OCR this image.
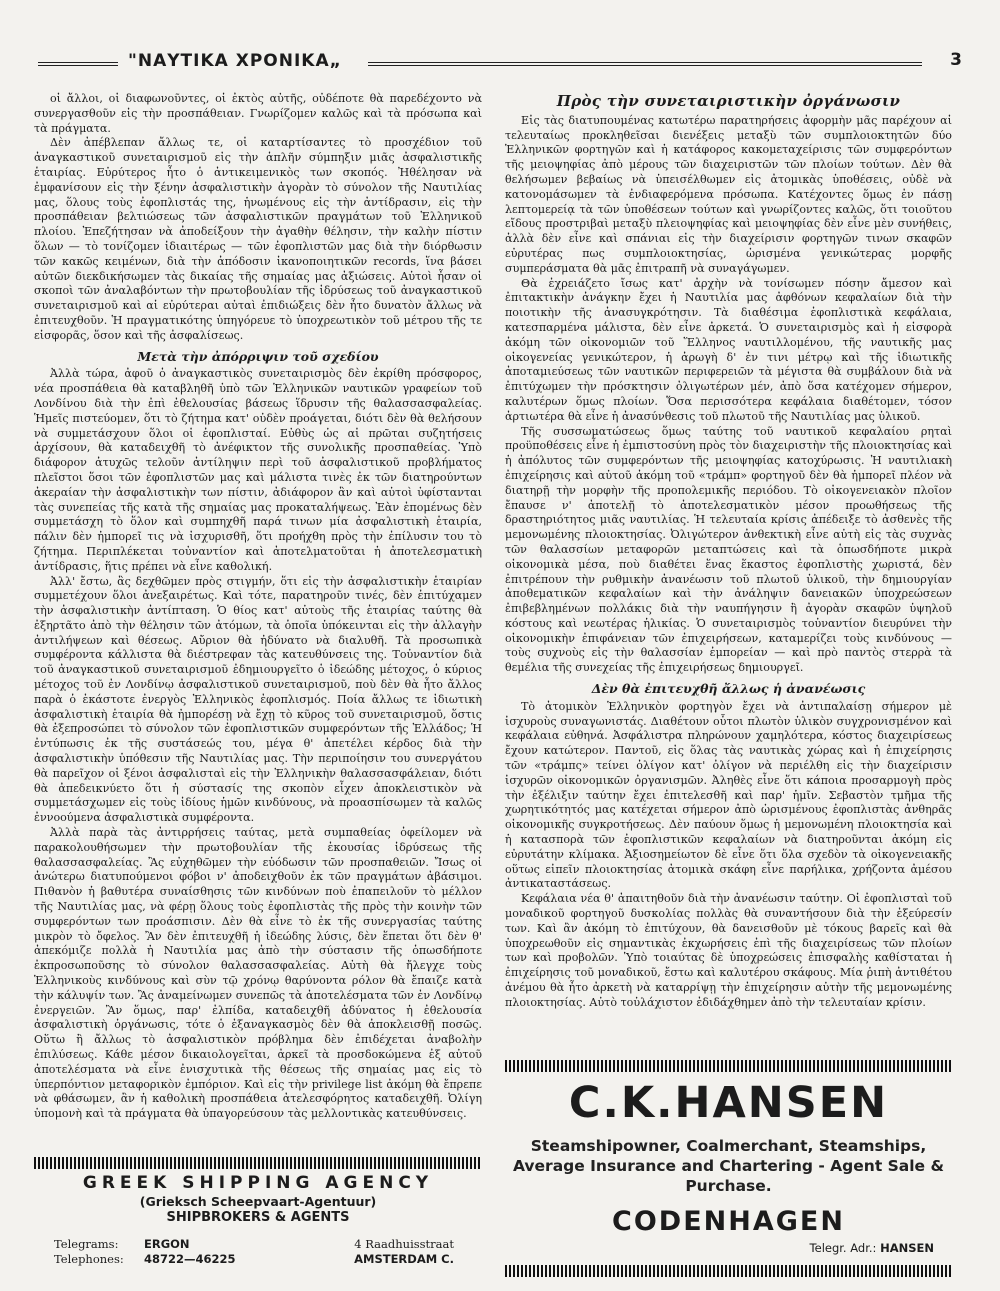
"ΝΑΥΤΙΚΑ ΧΡΟΝΙΚΑ„	3

οἱ ἄλλοι, οἱ διαφωνοῦντες, οἱ ἐκτὸς αὐτῆς, οὐδέποτε θὰ παρεδέχοντο νὰ συνεργασθοῦν εἰς τὴν προσπάθειαν. Γνωρίζομεν καλῶς καὶ τὰ πρόσωπα καὶ τὰ πράγματα.

Δὲν ἀπέβλεπαν ἄλλως τε, οἱ καταρτίσαντες τὸ προσχέδιον τοῦ ἀναγκαστικοῦ συνεταιρισμοῦ εἰς τὴν ἁπλῆν σύμπηξιν μιᾶς ἀσφαλιστικῆς ἑταιρίας. Εὐρύτερος ἦτο ὁ ἀντικειμενικὸς των σκοπός. Ἠθέλησαν νὰ ἐμφανίσουν εἰς τὴν ξένην ἀσφαλιστικὴν ἀγορὰν τὸ σύνολον τῆς Ναυτιλίας μας, ὅλους τοὺς ἐφοπλιστάς της, ἡνωμένους εἰς τὴν ἀντίδρασιν, εἰς τὴν προσπάθειαν βελτιώσεως τῶν ἀσφαλιστικῶν πραγμάτων τοῦ Ἑλληνικοῦ πλοίου. Ἐπεζήτησαν νὰ ἀποδείξουν τὴν ἀγαθὴν θέλησιν, τὴν καλὴν πίστιν ὅλων — τὸ τονίζομεν ἰδιαιτέρως — τῶν ἐφοπλιστῶν μας διὰ τὴν διόρθωσιν τῶν κακῶς κειμένων, διὰ τὴν ἀπόδοσιν ἱκανοποιητικῶν records, ἵνα βάσει αὐτῶν διεκδικήσωμεν τὰς δικαίας τῆς σημαίας μας ἀξιώσεις. Αὐτοὶ ἦσαν οἱ σκοποὶ τῶν ἀναλαβόντων τὴν πρωτοβουλίαν τῆς ἱδρύσεως τοῦ ἀναγκαστικοῦ συνεταιρισμοῦ καὶ αἱ εὐρύτεραι αὐταὶ ἐπιδιώξεις δὲν ἦτο δυνατὸν ἄλλως νὰ ἐπιτευχθοῦν. Ἡ πραγματικότης ὑπηγόρευε τὸ ὑποχρεωτικὸν τοῦ μέτρου τῆς τε εἰσφορᾶς, ὅσον καὶ τῆς ἀσφαλίσεως.

Μετὰ τὴν ἀπόρριψιν τοῦ σχεδίου

Ἀλλὰ τώρα, ἀφοῦ ὁ ἀναγκαστικὸς συνεταιρισμὸς δὲν ἐκρίθη πρόσφορος, νέα προσπάθεια θὰ καταβληθῆ ὑπὸ τῶν Ἑλληνικῶν ναυτικῶν γραφείων τοῦ Λονδίνου διὰ τὴν ἐπὶ ἐθελουσίας βάσεως ἵδρυσιν τῆς θαλασσασφαλείας. Ἡμεῖς πιστεύομεν, ὅτι τὸ ζήτημα κατ' οὐδὲν προάγεται, διότι δὲν θὰ θελήσουν νὰ συμμετάσχουν ὅλοι οἱ ἐφοπλισταί. Εὐθὺς ὡς αἱ πρῶται συζητήσεις ἀρχίσουν, θὰ καταδειχθῆ τὸ ἀνέφικτον τῆς συνολικῆς προσπαθείας. Ὑπὸ διάφορον ἀτυχῶς τελοῦν ἀντίληψιν περὶ τοῦ ἀσφαλιστικοῦ προβλήματος πλεῖστοι ὅσοι τῶν ἐφοπλιστῶν μας καὶ μάλιστα τινὲς ἐκ τῶν διατηρούντων ἀκεραίαν τὴν ἀσφαλιστικὴν των πίστιν, ἀδιάφορον ἂν καὶ αὐτοὶ ὑφίστανται τὰς συνεπείας τῆς κατὰ τῆς σημαίας μας προκαταλήψεως. Ἐὰν ἑπομένως δὲν συμμετάσχη τὸ ὅλον καὶ συμπηχθῆ παρά τινων μία ἀσφαλιστικὴ ἑταιρία, πάλιν δὲν ἠμπορεῖ τις νὰ ἰσχυρισθῆ, ὅτι προήχθη πρὸς τὴν ἐπίλυσιν του τὸ ζήτημα. Περιπλέκεται τοὐναντίον καὶ ἀποτελματοῦται ἡ ἀποτελεσματικὴ ἀντίδρασις, ἥτις πρέπει νὰ εἶνε καθολική.

Ἀλλ' ἔστω, ἂς δεχθῶμεν πρὸς στιγμήν, ὅτι εἰς τὴν ἀσφαλιστικὴν ἑταιρίαν συμμετέχουν ὅλοι ἀνεξαιρέτως. Καὶ τότε, παρατηροῦν τινές, δὲν ἐπιτύχαμεν τὴν ἀσφαλιστικὴν ἀντίπταση. Ὁ θίος κατ' αὐτοὺς τῆς ἑταιρίας ταύτης θὰ ἐξηρτᾶτο ἀπὸ τὴν θέλησιν τῶν ἀτόμων, τὰ ὁποῖα ὑπόκεινται εἰς τὴν ἀλλαγὴν ἀντιλήψεων καὶ θέσεως. Αὔριον θὰ ἠδύνατο νὰ διαλυθῆ. Τὰ προσωπικὰ συμφέροντα κάλλιστα θὰ διέστρεφαν τὰς κατευθύνσεις της. Τοὐναντίον διὰ τοῦ ἀναγκαστικοῦ συνεταιρισμοῦ ἐδημιουργεῖτο ὁ ἰδεώδης μέτοχος, ὁ κύριος μέτοχος τοῦ ἐν Λονδίνῳ ἀσφαλιστικοῦ συνεταιρισμοῦ, ποὺ δὲν θὰ ἦτο ἄλλος παρὰ ὁ ἑκάστοτε ἐνεργὸς Ἑλληνικὸς ἐφοπλισμός. Ποία ἄλλως τε ἰδιωτικὴ ἀσφαλιστικὴ ἑταιρία θὰ ἠμπορέσῃ νὰ ἔχῃ τὸ κῦρος τοῦ συνεταιρισμοῦ, ὅστις θὰ ἐξεπροσώπει τὸ σύνολον τῶν ἐφοπλιστικῶν συμφερόντων τῆς Ἑλλάδος; Ἡ ἐντύπωσις ἐκ τῆς συστάσεώς του, μέγα θ' ἀπετέλει κέρδος διὰ τὴν ἀσφαλιστικὴν ὑπόθεσιν τῆς Ναυτιλίας μας. Τὴν περιποίησιν του συνεργάτου θὰ παρεῖχον οἱ ξένοι ἀσφαλισταὶ εἰς τὴν Ἑλληνικὴν θαλασσασφάλειαν, διότι θὰ ἀπεδεικνύετο ὅτι ἡ σύστασίς της σκοπὸν εἶχεν ἀποκλειστικὸν νὰ συμμετάσχωμεν εἰς τοὺς ἰδίους ἡμῶν κινδύνους, νὰ προασπίσωμεν τὰ καλῶς ἐννοούμενα ἀσφαλιστικὰ συμφέροντα.

Ἀλλὰ παρὰ τὰς ἀντιρρήσεις ταύτας, μετὰ συμπαθείας ὀφείλομεν νὰ παρακολουθήσωμεν τὴν πρωτοβουλίαν τῆς ἑκουσίας ἱδρύσεως τῆς θαλασσασφαλείας. Ἂς εὐχηθῶμεν τὴν εὐόδωσιν τῶν προσπαθειῶν. Ἴσως οἱ ἀνώτερω διατυπούμενοι φόβοι ν' ἀποδειχθοῦν ἐκ τῶν πραγμάτων ἀβάσιμοι. Πιθανὸν ἡ βαθυτέρα συναίσθησις τῶν κινδύνων ποὺ ἐπαπειλοῦν τὸ μέλλον τῆς Ναυτιλίας μας, νὰ φέρῃ ὅλους τοὺς ἐφοπλιστὰς τῆς πρὸς τὴν κοινὴν τῶν συμφερόντων των προάσπισιν. Δὲν θὰ εἶνε τὸ ἐκ τῆς συνεργασίας ταύτης μικρὸν τὸ ὄφελος. Ἂν δὲν ἐπιτευχθῆ ἡ ἰδεώδης λύσις, δὲν ἕπεται ὅτι δὲν θ' ἀπεκόμιζε πολλὰ ἡ Ναυτιλία μας ἀπὸ τὴν σύστασιν τῆς ὁπωσδήποτε ἐκπροσωποῦσης τὸ σύνολον θαλασσασφαλείας. Αὐτὴ θὰ ἤλεγχε τοὺς Ἑλληνικοὺς κινδύνους καὶ σὺν τῷ χρόνῳ θαρύνοντα ρόλον θὰ ἔπαιζε κατὰ τὴν κάλυψίν των. Ἂς ἀναμείνωμεν συνεπῶς τὰ ἀποτελέσματα τῶν ἐν Λονδίνῳ ἐνεργειῶν. Ἂν ὅμως, παρ' ἐλπίδα, καταδειχθῆ ἀδύνατος ἡ ἐθελουσία ἀσφαλιστικὴ ὀργάνωσις, τότε ὁ ἐξαναγκασμὸς δὲν θὰ ἀποκλεισθῇ ποσῶς. Οὕτω ἢ ἄλλως τὸ ἀσφαλιστικὸν πρόβλημα δὲν ἐπιδέχεται ἀναβολὴν ἐπιλύσεως. Κάθε μέσον δικαιολογεῖται, ἀρκεῖ τὰ προσδοκώμενα ἐξ αὐτοῦ ἀποτελέσματα νὰ εἶνε ἐνισχυτικὰ τῆς θέσεως τῆς σημαίας μας εἰς τὸ ὑπερπόντιον μεταφορικὸν ἐμπόριον. Καὶ εἰς τὴν privilege list ἀκόμη θὰ ἔπρεπε νὰ φθάσωμεν, ἂν ἡ καθολικὴ προσπάθεια ἀτελεσφόρητος καταδειχθῆ. Ὀλίγη ὑπομονὴ καὶ τὰ πράγματα θὰ ὑπαγορεύσουν τὰς μελλοντικὰς κατευθύνσεις.

Πρὸς τὴν συνεταιριστικὴν ὀργάνωσιν

Εἰς τὰς διατυπουμένας κατωτέρω παρατηρήσεις ἀφορμὴν μᾶς παρέχουν αἱ τελευταίως προκληθεῖσαι διενέξεις μεταξὺ τῶν συμπλοιοκτητῶν δύο Ἑλληνικῶν φορτηγῶν καὶ ἡ κατάφορος κακομεταχείρισις τῶν συμφερόντων τῆς μειοψηφίας ἀπὸ μέρους τῶν διαχειριστῶν τῶν πλοίων τούτων. Δὲν θὰ θελήσωμεν βεβαίως νὰ ὑπεισέλθωμεν εἰς ἀτομικὰς ὑποθέσεις, οὐδὲ νὰ κατονομάσωμεν τὰ ἐνδιαφερόμενα πρόσωπα. Κατέχοντες ὅμως ἐν πάσῃ λεπτομερείᾳ τὰ τῶν ὑποθέσεων τούτων καὶ γνωρίζοντες καλῶς, ὅτι τοιοῦτου εἴδους προστριβαὶ μεταξὺ πλειοψηφίας καὶ μειοψηφίας δὲν εἶνε μὲν συνήθεις, ἀλλὰ δὲν εἶνε καὶ σπάνιαι εἰς τὴν διαχείρισιν φορτηγῶν τινων σκαφῶν εὐρυτέρας πως συμπλοιοκτησίας, ὡρισμένα γενικώτερας μορφῆς συμπεράσματα θὰ μᾶς ἐπιτραπῆ νὰ συναγάγωμεν.

Θὰ ἐχρειάζετο ἴσως κατ' ἀρχὴν νὰ τονίσωμεν πόσην ἄμεσον καὶ ἐπιτακτικὴν ἀνάγκην ἔχει ἡ Ναυτιλία μας ἀφθόνων κεφαλαίων διὰ τὴν ποιοτικὴν τῆς ἀνασυγκρότησιν. Τὰ διαθέσιμα ἐφοπλιστικὰ κεφάλαια, κατεσπαρμένα μάλιστα, δὲν εἶνε ἀρκετά. Ὁ συνεταιρισμὸς καὶ ἡ εἰσφορὰ ἀκόμη τῶν οἰκονομιῶν τοῦ Ἕλληνος ναυτιλλομένου, τῆς ναυτικῆς μας οἰκογενείας γενικώτερον, ἡ ἀρωγὴ δ' ἐν τινι μέτρῳ καὶ τῆς ἰδιωτικῆς ἀποταμιεύσεως τῶν ναυτικῶν περιφερειῶν τὰ μέγιστα θὰ συμβάλουν διὰ νὰ ἐπιτύχωμεν τὴν πρόσκτησιν ὀλιγωτέρων μέν, ἀπὸ ὅσα κατέχομεν σήμερον, καλυτέρων ὅμως πλοίων. Ὅσα περισσότερα κεφάλαια διαθέτομεν, τόσον ἀρτιωτέρα θὰ εἶνε ἡ ἀνασύνθεσις τοῦ πλωτοῦ τῆς Ναυτιλίας μας ὑλικοῦ.

Τῆς συσσωματώσεως ὅμως ταύτης τοῦ ναυτικοῦ κεφαλαίου ρηταὶ προϋποθέσεις εἶνε ἡ ἐμπιστοσύνη πρὸς τὸν διαχειριστὴν τῆς πλοιοκτησίας καὶ ἡ ἀπόλυτος τῶν συμφερόντων τῆς μειοψηφίας κατοχύρωσις. Ἡ ναυτιλιακὴ ἐπιχείρησις καὶ αὐτοῦ ἀκόμη τοῦ «τράμπ» φορτηγοῦ δὲν θὰ ἠμπορεῖ πλέον νὰ διατηρῇ τὴν μορφὴν τῆς προπολεμικῆς περιόδου. Τὸ οἰκογενειακὸν πλοῖον ἔπαυσε ν' ἀποτελῇ τὸ ἀποτελεσματικὸν μέσον προωθήσεως τῆς δραστηριότητος μιᾶς ναυτιλίας. Ἡ τελευταία κρίσις ἀπέδειξε τὸ ἀσθενὲς τῆς μεμονωμένης πλοιοκτησίας. Ὀλιγώτερον ἀνθεκτικὴ εἶνε αὐτὴ εἰς τὰς συχνὰς τῶν θαλασσίων μεταφορῶν μεταπτώσεις καὶ τὰ ὁπωσδήποτε μικρὰ οἰκονομικὰ μέσα, ποὺ διαθέτει ἕνας ἕκαστος ἐφοπλιστὴς χωριστά, δὲν ἐπιτρέπουν τὴν ρυθμικὴν ἀνανέωσιν τοῦ πλωτοῦ ὑλικοῦ, τὴν δημιουργίαν ἀποθεματικῶν κεφαλαίων καὶ τὴν ἀνάληψιν δανειακῶν ὑποχρεώσεων ἐπιβεβλημένων πολλάκις διὰ τὴν ναυπήγησιν ἢ ἀγορὰν σκαφῶν ὑψηλοῦ κόστους καὶ νεωτέρας ἡλικίας. Ὁ συνεταιρισμὸς τοὐναντίον διευρύνει τὴν οἰκονομικὴν ἐπιφάνειαν τῶν ἐπιχειρήσεων, καταμερίζει τοὺς κινδύνους — τοὺς συχνοὺς εἰς τὴν θαλασσίαν ἐμπορείαν — καὶ πρὸ παντὸς στερρὰ τὰ θεμέλια τῆς συνεχείας τῆς ἐπιχειρήσεως δημιουργεῖ.

Δὲν θὰ ἐπιτευχθῆ ἄλλως ἡ ἀνανέωσις

Τὸ ἀτομικὸν Ἑλληνικὸν φορτηγὸν ἔχει νὰ ἀντιπαλαίσῃ σήμερον μὲ ἰσχυροὺς συναγωνιστάς. Διαθέτουν οὗτοι πλωτὸν ὑλικὸν συγχρονισμένον καὶ κεφάλαια εὐθηνά. Ἀσφάλιστρα πληρώνουν χαμηλότερα, κόστος διαχειρίσεως ἔχουν κατώτερον. Παντοῦ, εἰς ὅλας τὰς ναυτικὰς χώρας καὶ ἡ ἐπιχείρησις τῶν «τράμπς» τείνει ὀλίγον κατ' ὀλίγον νὰ περιέλθη εἰς τὴν διαχείρισιν ἰσχυρῶν οἰκονομικῶν ὀργανισμῶν. Ἀληθὲς εἶνε ὅτι κάποια προσαρμογὴ πρὸς τὴν ἐξέλιξιν ταύτην ἔχει ἐπιτελεσθῆ καὶ παρ' ἡμῖν. Σεβαστὸν τμῆμα τῆς χωρητικότητός μας κατέχεται σήμερον ἀπὸ ὡρισμένους ἐφοπλιστὰς ἀνθηρᾶς οἰκονομικῆς συγκροτήσεως. Δὲν παύουν ὅμως ἡ μεμονωμένη πλοιοκτησία καὶ ἡ κατασπορὰ τῶν ἐφοπλιστικῶν κεφαλαίων νὰ διατηροῦνται ἀκόμη εἰς εὐρυτάτην κλίμακα. Ἀξιοσημείωτον δὲ εἶνε ὅτι ὅλα σχεδὸν τὰ οἰκογενειακῆς οὕτως εἰπεῖν πλοιοκτησίας ἀτομικὰ σκάφη εἶνε παρήλικα, χρήζοντα ἀμέσου ἀντικαταστάσεως.

Κεφάλαια νέα θ' ἀπαιτηθοῦν διὰ τὴν ἀνανέωσιν ταύτην. Οἱ ἐφοπλισταὶ τοῦ μοναδικοῦ φορτηγοῦ δυσκολίας πολλὰς θὰ συναντήσουν διὰ τὴν ἐξεύρεσίν των. Καὶ ἂν ἀκόμη τὸ ἐπιτύχουν, θὰ δανεισθοῦν μὲ τόκους βαρεῖς καὶ θὰ ὑποχρεωθοῦν εἰς σημαντικὰς ἐκχωρήσεις ἐπὶ τῆς διαχειρίσεως τῶν πλοίων των καὶ προβολῶν. Ὑπὸ τοιαύτας δὲ ὑποχρεώσεις ἐπισφαλὴς καθίσταται ἡ ἐπιχείρησις τοῦ μοναδικοῦ, ἔστω καὶ καλυτέρου σκάφους. Μία ῥιπὴ ἀντιθέτου ἀνέμου θὰ ἦτο ἀρκετὴ νὰ καταρρίψῃ τὴν ἐπιχείρησιν αὐτὴν τῆς μεμονωμένης πλοιοκτησίας. Αὐτὸ τοὐλάχιστον ἐδιδάχθημεν ἀπὸ τὴν τελευταίαν κρίσιν.

GREEK SHIPPING AGENCY
(Grieksch Scheepvaart-Agentuur)
SHIPBROKERS & AGENTS
Telegrams: ERGON	4 Raadhuisstraat
Telephones: 48722—46225	AMSTERDAM C.
C.K.HANSEN
Steamshipowner, Coalmerchant, Steamships, Average Insurance and Chartering - Agent Sale & Purchase.
CODENHAGEN
Telegr. Adr.: HANSEN
